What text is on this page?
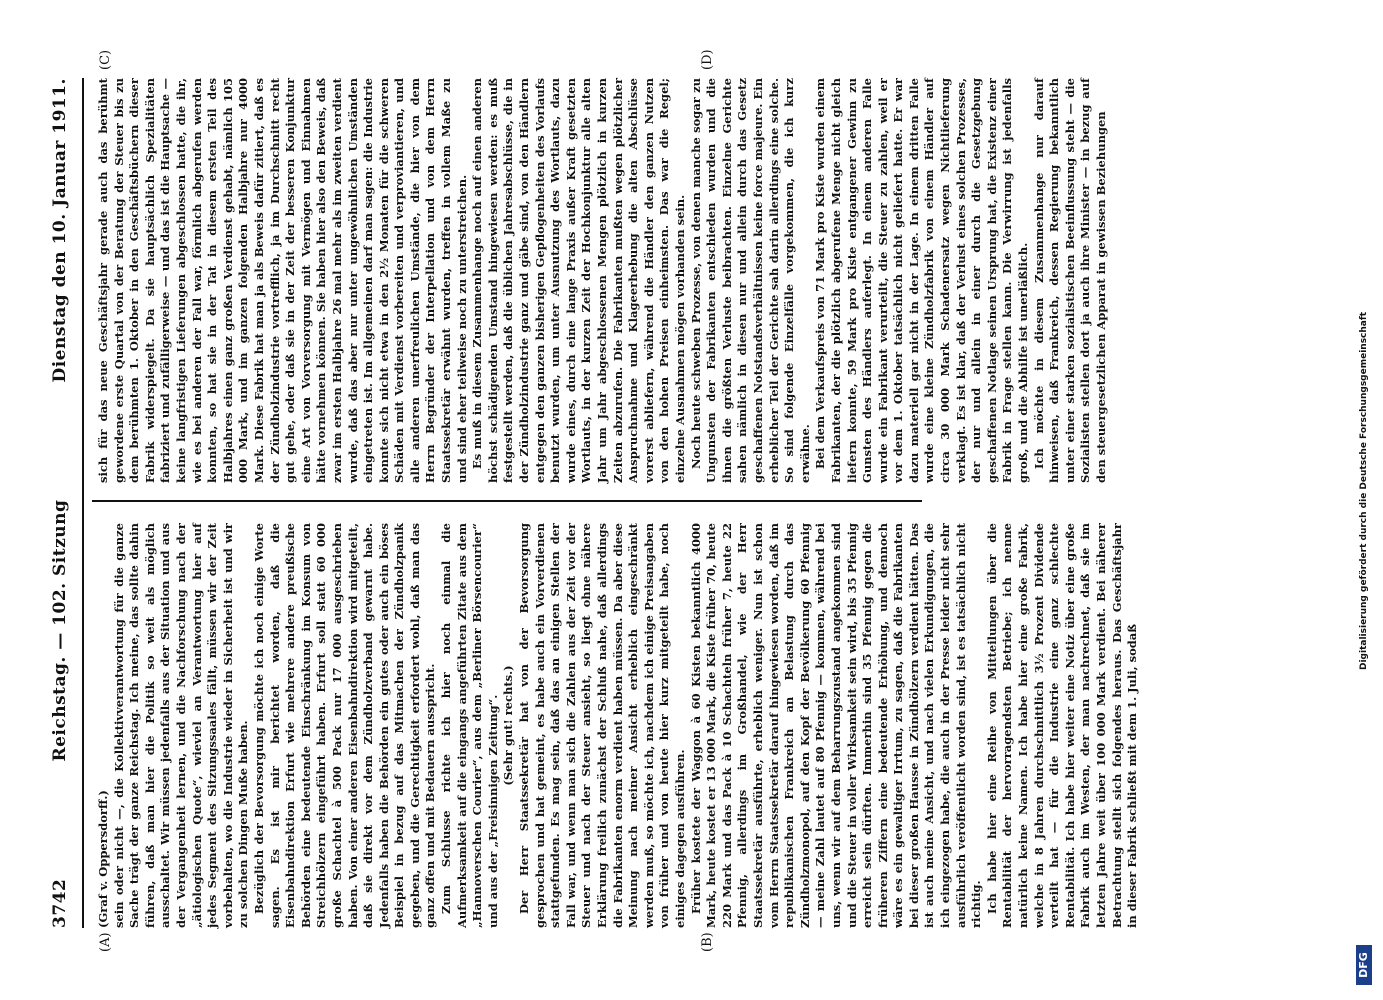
3742
Reichstag. — 102. Sitzung
Dienstag den 10. Januar 1911.
(A)	(B)
(C)	(D)

(Graf v. Oppersdorff.) sein oder nicht —, die Kollektivverantwortung für die ganze Sache trägt der ganze Reichstag. Ich meine, das sollte dahin führen, daß man hier die Politik so weit als möglich ausschaltet. Wir müssen jedenfalls aus der Situation und aus der Vergangenheit lernen, und die Nachforschung nach der „ätiologischen Quote“, wieviel an Verantwortung hier auf jedes Segment des Sitzungssaales fällt, müssen wir der Zeit vorbehalten, wo die Industrie wieder in Sicherheit ist und wir zu solchen Dingen Muße haben. Bezüglich der Bevorsorgung möchte ich noch einige Worte sagen. Es ist mir berichtet worden, daß die Eisenbahndirektion Erfurt wie mehrere andere preußische Behörden eine bedeutende Einschränkung im Konsum von Streichhölzern eingeführt haben. Erfurt soll statt 60 000 große Schachtel à 500 Pack nur 17 000 ausgeschrieben haben. Von einer anderen Eisenbahndirektion wird mitgeteilt, daß sie direkt vor dem Zündholzverband gewarnt habe. Jedenfalls haben die Behörden ein gutes oder auch ein böses Beispiel in bezug auf das Mitmachen der Zündholzpanik gegeben, und die Gerechtigkeit erfordert wohl, daß man das ganz offen und mit Bedauern ausspricht. Zum Schlusse richte ich hier noch einmal die Aufmerksamkeit auf die eingangs angeführten Zitate aus dem „Hannoverschen Courier“, aus dem „Berliner Börsencourier“ und aus der „Freisinnigen Zeitung“. (Sehr gut! rechts.) Der Herr Staatssekretär hat von der Bevorsorgung gesprochen und hat gemeint, es habe auch ein Vorverdienen stattgefunden. Es mag sein, daß das an einigen Stellen der Fall war, und wenn man sich die Zahlen aus der Zeit vor der Steuer und nach der Steuer ansieht, so liegt ohne nähere Erklärung freilich zunächst der Schluß nahe, daß allerdings die Fabrikanten enorm verdient haben müssen. Da aber diese Meinung nach meiner Ansicht erheblich eingeschränkt werden muß, so möchte ich, nachdem ich einige Preisangaben von früher und von heute hier kurz mitgeteilt habe, noch einiges dagegen ausführen. Früher kostete der Waggon à 60 Kisten bekanntlich 4000 Mark, heute kostet er 13 000 Mark, die Kiste früher 70, heute 220 Mark und das Pack à 10 Schachteln früher 7, heute 22 Pfennig, allerdings im Großhandel, wie der Herr Staatssekretär ausführte, erheblich weniger. Nun ist schon vom Herrn Staatssekretär darauf hingewiesen worden, daß im republikanischen Frankreich an Belastung durch das Zündholzmonopol, auf den Kopf der Bevölkerung 60 Pfennig — meine Zahl lautet auf 80 Pfennig — kommen, während bei uns, wenn wir auf dem Beharrungszustand angekommen sind und die Steuer in voller Wirksamkeit sein wird, bis 35 Pfennig erreicht sein dürften. Immerhin sind 35 Pfennig gegen die früheren Ziffern eine bedeutende Erhöhung, und dennoch wäre es ein gewaltiger Irrtum, zu sagen, daß die Fabrikanten bei dieser großen Hausse in Zündhölzern verdient hätten. Das ist auch meine Ansicht, und nach vielen Erkundigungen, die ich eingezogen habe, die auch in der Presse leider nicht sehr ausführlich veröffentlicht worden sind, ist es tatsächlich nicht richtig. Ich habe hier eine Reihe von Mitteilungen über die Rentabilität der hervorragendsten Betriebe; ich nenne natürlich keine Namen. Ich habe hier eine große Fabrik, welche in 8 Jahren durchschnittlich 3½ Prozent Dividende verteilt hat — für die Industrie eine ganz schlechte Rentabilität. Ich habe hier weiter eine Notiz über eine große Fabrik auch im Westen, der man nachrechnet, daß sie im letzten Jahre weit über 100 000 Mark verdient. Bei näherer Betrachtung stellt sich folgendes heraus. Das Geschäftsjahr in dieser Fabrik schließt mit dem 1. Juli, sodaß

sich für das neue Geschäftsjahr gerade auch das berühmt gewordene erste Quartal von der Beratung der Steuer bis zu dem berühmten 1. Oktober in den Geschäftsbüchern dieser Fabrik widerspiegelt. Da sie hauptsächlich Spezialitäten fabriziert und zufälligerweise — und das ist die Hauptsache — keine langfristigen Lieferungen abgeschlossen hatte, die ihr, wie es bei anderen der Fall war, förmlich abgerufen werden konnten, so hat sie in der Tat in diesem ersten Teil des Halbjahres einen ganz großen Verdienst gehabt, nämlich 105 000 Mark, und im ganzen folgenden Halbjahre nur 4000 Mark. Diese Fabrik hat man ja als Beweis dafür zitiert, daß es der Zündholzindustrie vortrefflich, ja im Durchschnitt recht gut gehe, oder daß sie in der Zeit der besseren Konjunktur eine Art von Vorversorgung mit Vermögen und Einnahmen hätte vornehmen können. Sie haben hier also den Beweis, daß zwar im ersten Halbjahre 26 mal mehr als im zweiten verdient wurde, daß das aber nur unter ungewöhnlichen Umständen eingetreten ist. Im allgemeinen darf man sagen: die Industrie konnte sich nicht etwa in den 2½ Monaten für die schweren Schäden mit Verdienst vorbereiten und verproviantieren, und alle anderen unerfreulichen Umstände, die hier von dem Herrn Begründer der Interpellation und von dem Herrn Staatssekretär erwähnt wurden, treffen in vollem Maße zu und sind eher teilweise noch zu unterstreichen. Es muß in diesem Zusammenhange noch auf einen anderen höchst schädigenden Umstand hingewiesen werden: es muß festgestellt werden, daß die üblichen Jahresabschlüsse, die in der Zündholzindustrie ganz und gäbe sind, von den Händlern entgegen den ganzen bisherigen Gepflogenheiten des Vorlaufs benutzt wurden, um unter Ausnutzung des Wortlauts, dazu wurde eines, durch eine lange Praxis außer Kraft gesetzten Wortlauts, in der kurzen Zeit der Hochkonjunktur alle alten Jahr um Jahr abgeschlossenen Mengen plötzlich in kurzen Zeiten abzurufen. Die Fabrikanten mußten wegen plötzlicher Anspruchnahme und Klageerhebung die alten Abschlüsse vorerst abliefern, während die Händler den ganzen Nutzen von den hohen Preisen einheimsten. Das war die Regel; einzelne Ausnahmen mögen vorhanden sein. Noch heute schweben Prozesse, von denen manche sogar zu Ungunsten der Fabrikanten entschieden wurden und die ihnen die größten Verluste beibrachten. Einzelne Gerichte sahen nämlich in diesen nur und allein durch das Gesetz geschaffenen Notstandsverhältnissen keine force majeure. Ein erheblicher Teil der Gerichte sah darin allerdings eine solche. So sind folgende Einzelfälle vorgekommen, die ich kurz erwähne. Bei dem Verkaufspreis von 71 Mark pro Kiste wurden einem Fabrikanten, der die plötzlich abgerufene Menge nicht gleich liefern konnte, 59 Mark pro Kiste entgangener Gewinn zu Gunsten des Händlers auferlegt. In einem anderen Falle wurde ein Fabrikant verurteilt, die Steuer zu zahlen, weil er vor dem 1. Oktober tatsächlich nicht geliefert hatte. Er war dazu materiell gar nicht in der Lage. In einem dritten Falle wurde eine kleine Zündholzfabrik von einem Händler auf circa 30 000 Mark Schadenersatz wegen Nichtlieferung verklagt. Es ist klar, daß der Verlust eines solchen Prozesses, der nur und allein in einer durch die Gesetzgebung geschaffenen Notlage seinen Ursprung hat, die Existenz einer Fabrik in Frage stellen kann. Die Verwirrung ist jedenfalls groß, und die Abhilfe ist unerläßlich. Ich möchte in diesem Zusammenhange nur darauf hinweisen, daß Frankreich, dessen Regierung bekanntlich unter einer starken sozialistischen Beeinflussung steht — die Sozialisten stellen dort ja auch ihre Minister — in bezug auf den steuergesetzlichen Apparat in gewissen Beziehungen

DFG
Digitalisierung gefördert durch die Deutsche Forschungsgemeinschaft
